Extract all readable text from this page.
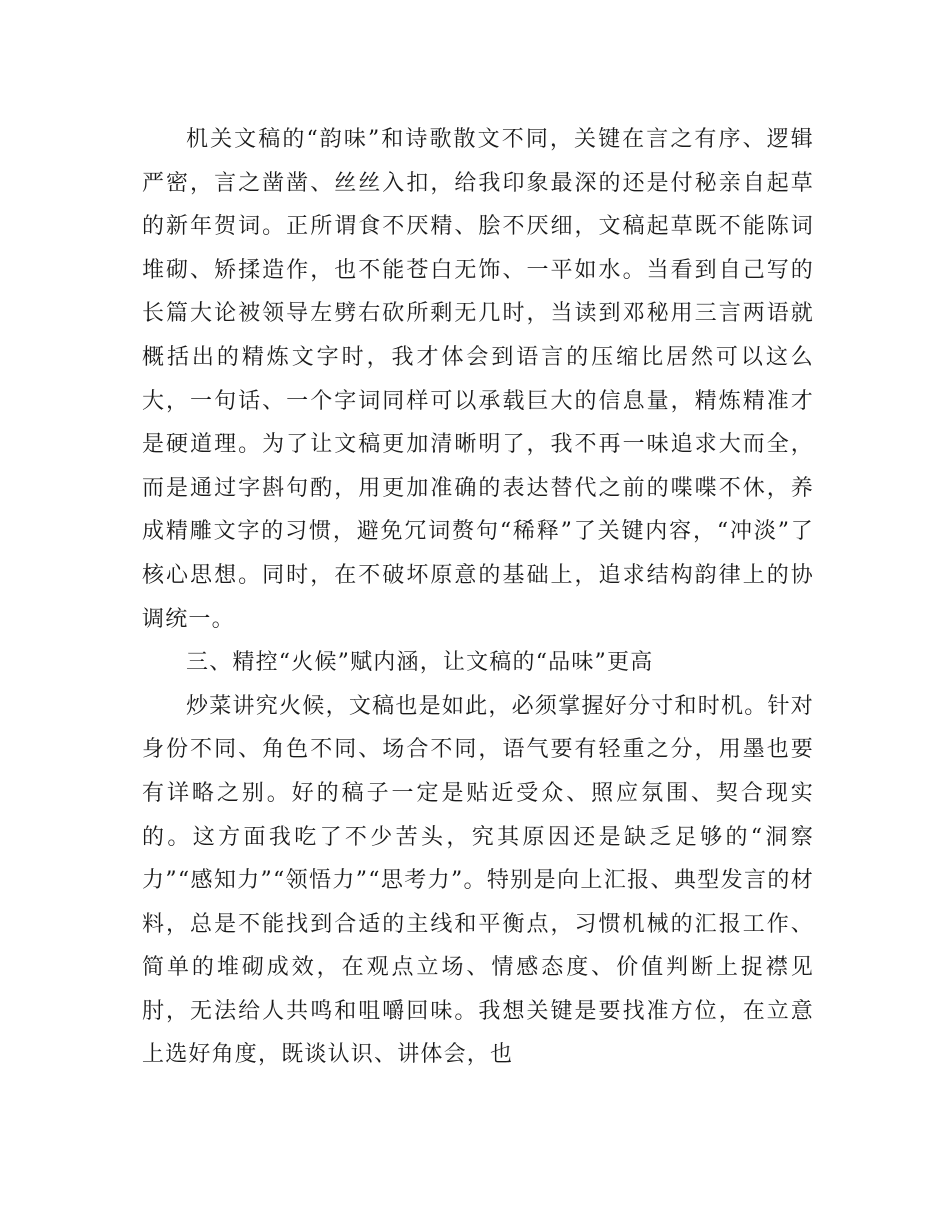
机关文稿的“韵味”和诗歌散文不同，关键在言之有序、逻辑严密，言之凿凿、丝丝入扣，给我印象最深的还是付秘亲自起草的新年贺词。正所谓食不厌精、脍不厌细，文稿起草既不能陈词堆砌、矫揉造作，也不能苍白无饰、一平如水。当看到自己写的长篇大论被领导左劈右砍所剩无几时，当读到邓秘用三言两语就概括出的精炼文字时，我才体会到语言的压缩比居然可以这么大，一句话、一个字词同样可以承载巨大的信息量，精炼精准才是硬道理。为了让文稿更加清晰明了，我不再一味追求大而全，而是通过字斟句酌，用更加准确的表达替代之前的喋喋不休，养成精雕文字的习惯，避免冗词赘句“稀释”了关键内容，“冲淡”了核心思想。同时，在不破坏原意的基础上，追求结构韵律上的协调统一。

三、精控“火候”赋内涵，让文稿的“品味”更高

炒菜讲究火候，文稿也是如此，必须掌握好分寸和时机。针对身份不同、角色不同、场合不同，语气要有轻重之分，用墨也要有详略之别。好的稿子一定是贴近受众、照应氛围、契合现实的。这方面我吃了不少苦头，究其原因还是缺乏足够的“洞察力”“感知力”“领悟力”“思考力”。特别是向上汇报、典型发言的材料，总是不能找到合适的主线和平衡点，习惯机械的汇报工作、简单的堆砌成效，在观点立场、情感态度、价值判断上捉襟见肘，无法给人共鸣和咀嚼回味。我想关键是要找准方位，在立意上选好角度，既谈认识、讲体会，也
